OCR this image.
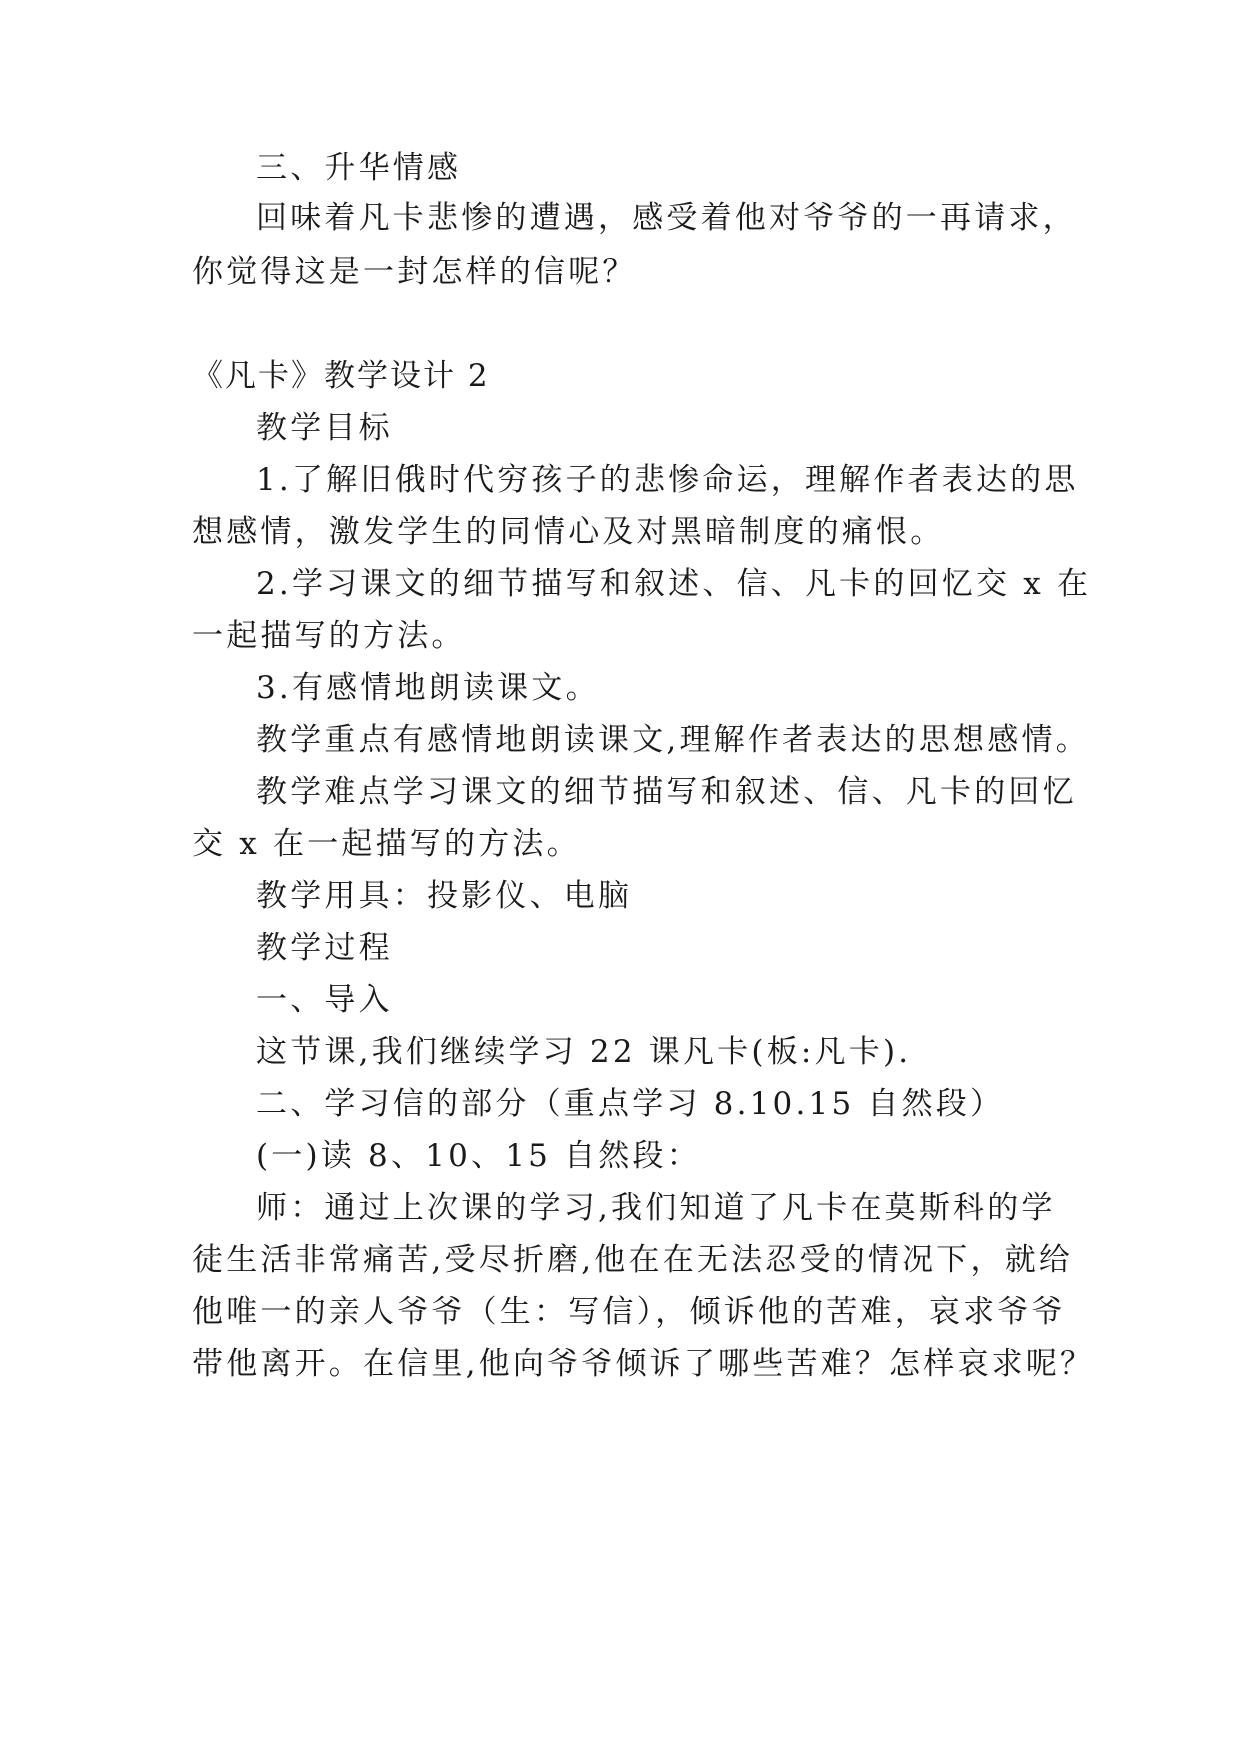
三、升华情感
回味着凡卡悲惨的遭遇，感受着他对爷爷的一再请求，
你觉得这是一封怎样的信呢？
《凡卡》教学设计 2
教学目标
1.了解旧俄时代穷孩子的悲惨命运，理解作者表达的思
想感情，激发学生的同情心及对黑暗制度的痛恨。
2.学习课文的细节描写和叙述、信、凡卡的回忆交 x 在
一起描写的方法。
3.有感情地朗读课文。
教学重点有感情地朗读课文,理解作者表达的思想感情。
教学难点学习课文的细节描写和叙述、信、凡卡的回忆
交 x 在一起描写的方法。
教学用具：投影仪、电脑
教学过程
一、导入
这节课,我们继续学习 22 课凡卡(板:凡卡).
二、学习信的部分（重点学习 8.10.15 自然段）
(一)读 8、10、15 自然段：
师：通过上次课的学习,我们知道了凡卡在莫斯科的学
徒生活非常痛苦,受尽折磨,他在在无法忍受的情况下，就给
他唯一的亲人爷爷（生：写信），倾诉他的苦难，哀求爷爷
带他离开。在信里,他向爷爷倾诉了哪些苦难？怎样哀求呢？
